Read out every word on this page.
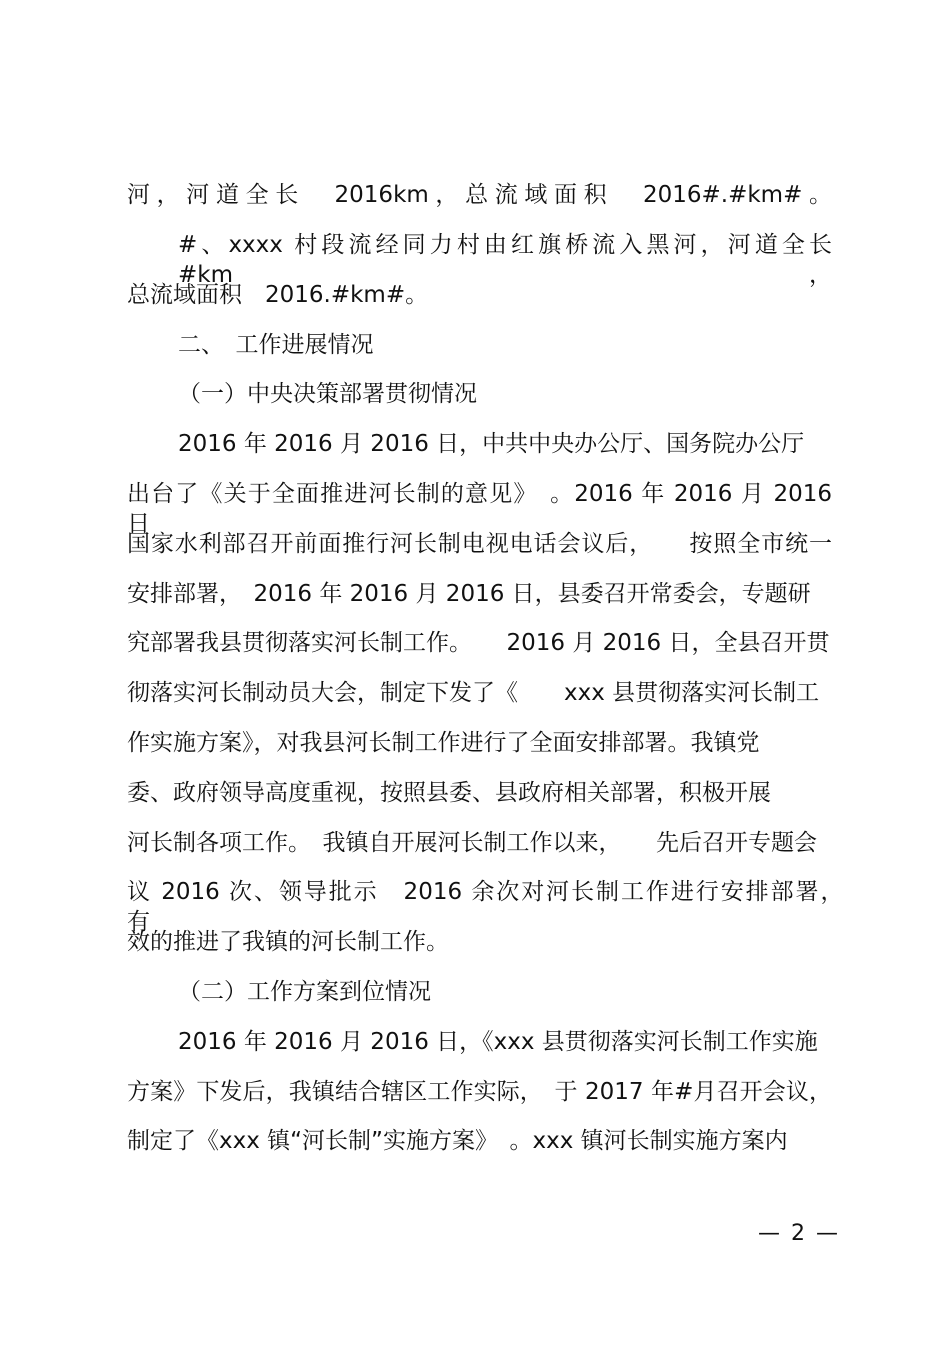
河，河道全长　2016km，总流域面积　2016#.#km#。
#、xxxx 村段流经同力村由红旗桥流入黑河，河道全长　　#km，
总流域面积　2016.#km#。
二、　工作进展情况
（一）中央决策部署贯彻情况
2016 年 2016 月 2016 日，中共中央办公厅、国务院办公厅
出台了《关于全面推进河长制的意见》　。2016 年 2016 月 2016 日
国家水利部召开前面推行河长制电视电话会议后，　　按照全市统一
安排部署，　2016 年 2016 月 2016 日，县委召开常委会，专题研
究部署我县贯彻落实河长制工作。　　2016 月 2016 日，全县召开贯
彻落实河长制动员大会，制定下发了《　　xxx 县贯彻落实河长制工
作实施方案》，对我县河长制工作进行了全面安排部署。我镇党
委、政府领导高度重视，按照县委、县政府相关部署，积极开展
河长制各项工作。　我镇自开展河长制工作以来，　　先后召开专题会
议 2016 次、领导批示　2016 余次对河长制工作进行安排部署，　　有
效的推进了我镇的河长制工作。
（二）工作方案到位情况
2016 年 2016 月 2016 日，《xxx 县贯彻落实河长制工作实施
方案》下发后，我镇结合辖区工作实际，　于 2017 年#月召开会议，
制定了《xxx 镇“河长制”实施方案》　。xxx 镇河长制实施方案内
— 2 —
